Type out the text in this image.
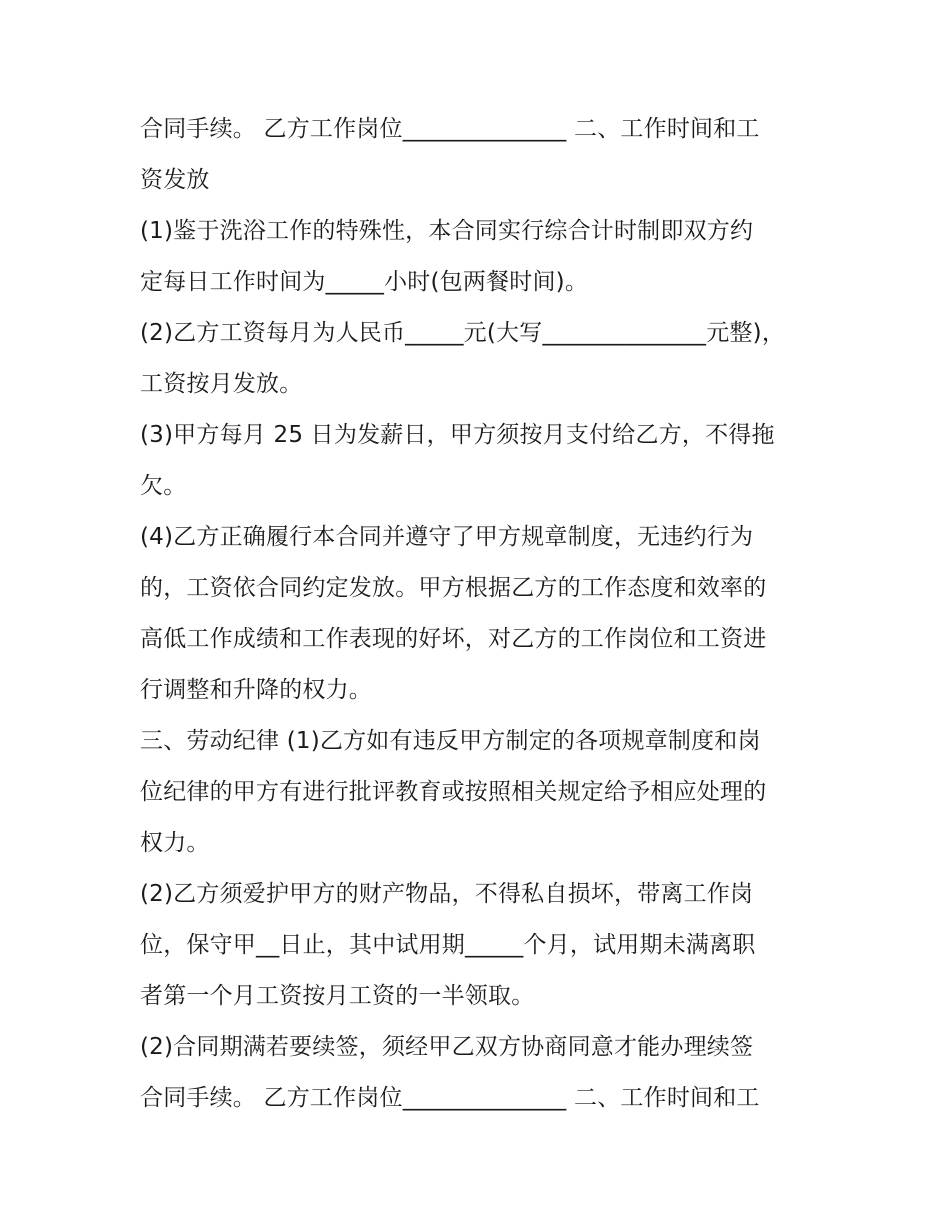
合同手续。 乙方工作岗位______________ 二、工作时间和工
资发放
(1)鉴于洗浴工作的特殊性，本合同实行综合计时制即双方约
定每日工作时间为_____小时(包两餐时间)。
(2)乙方工资每月为人民币_____元(大写______________元整)，
工资按月发放。
(3)甲方每月 25 日为发薪日，甲方须按月支付给乙方，不得拖
欠。
(4)乙方正确履行本合同并遵守了甲方规章制度，无违约行为
的，工资依合同约定发放。甲方根据乙方的工作态度和效率的
高低工作成绩和工作表现的好坏，对乙方的工作岗位和工资进
行调整和升降的权力。
三、劳动纪律 (1)乙方如有违反甲方制定的各项规章制度和岗
位纪律的甲方有进行批评教育或按照相关规定给予相应处理的
权力。
(2)乙方须爱护甲方的财产物品，不得私自损坏，带离工作岗
位，保守甲__日止，其中试用期_____个月，试用期未满离职
者第一个月工资按月工资的一半领取。
(2)合同期满若要续签，须经甲乙双方协商同意才能办理续签
合同手续。 乙方工作岗位______________ 二、工作时间和工
